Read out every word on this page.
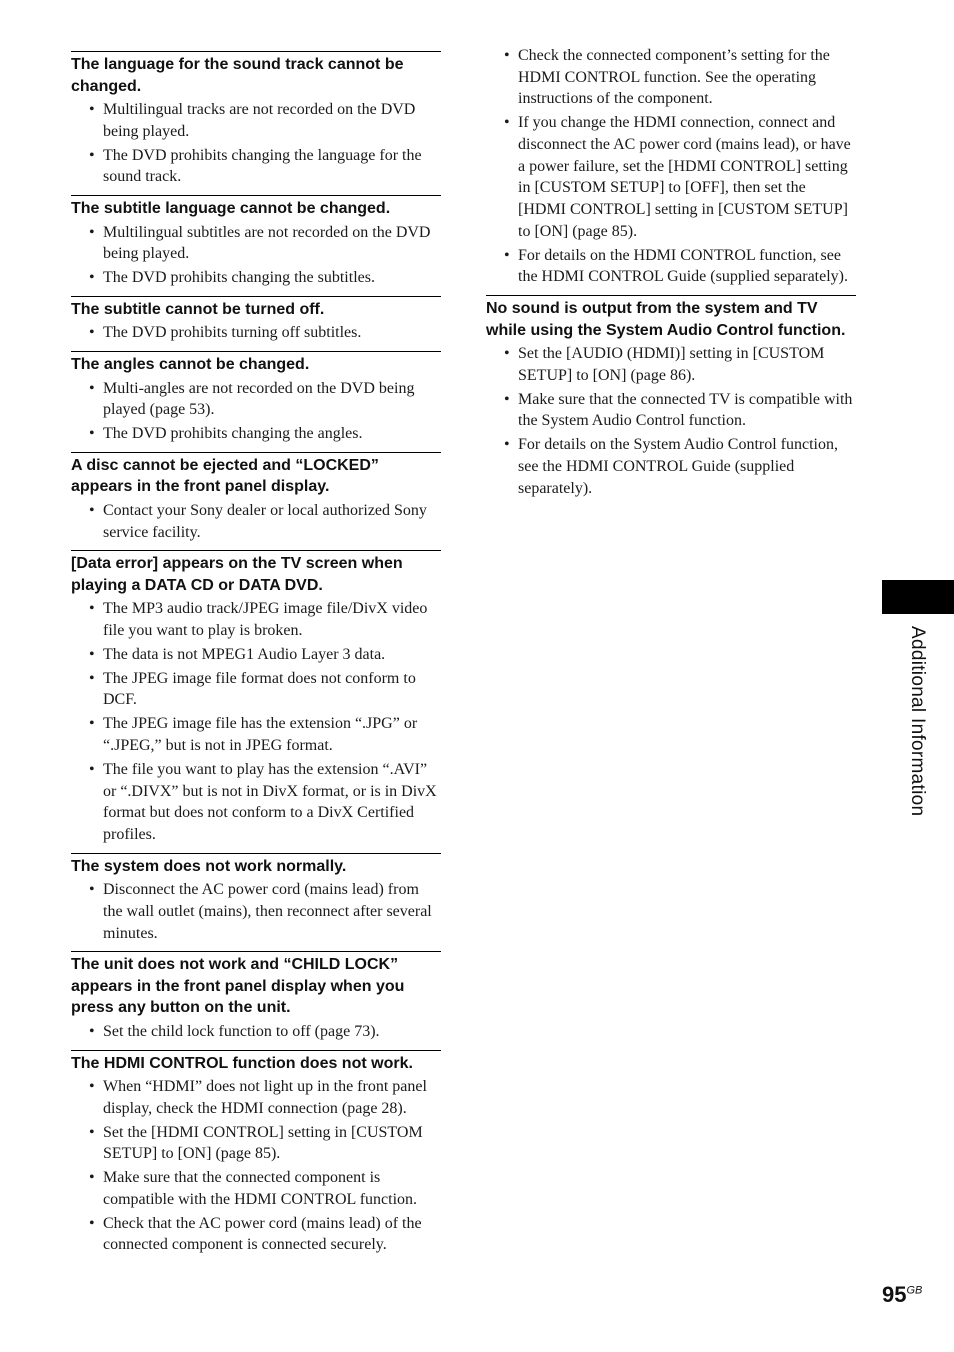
The language for the sound track cannot be changed.
• Multilingual tracks are not recorded on the DVD being played.
• The DVD prohibits changing the language for the sound track.
The subtitle language cannot be changed.
• Multilingual subtitles are not recorded on the DVD being played.
• The DVD prohibits changing the subtitles.
The subtitle cannot be turned off.
• The DVD prohibits turning off subtitles.
The angles cannot be changed.
• Multi-angles are not recorded on the DVD being played (page 53).
• The DVD prohibits changing the angles.
A disc cannot be ejected and “LOCKED” appears in the front panel display.
• Contact your Sony dealer or local authorized Sony service facility.
[Data error] appears on the TV screen when playing a DATA CD or DATA DVD.
• The MP3 audio track/JPEG image file/DivX video file you want to play is broken.
• The data is not MPEG1 Audio Layer 3 data.
• The JPEG image file format does not conform to DCF.
• The JPEG image file has the extension “.JPG” or “.JPEG,” but is not in JPEG format.
• The file you want to play has the extension “.AVI” or “.DIVX” but is not in DivX format, or is in DivX format but does not conform to a DivX Certified profiles.
The system does not work normally.
• Disconnect the AC power cord (mains lead) from the wall outlet (mains), then reconnect after several minutes.
The unit does not work and “CHILD LOCK” appears in the front panel display when you press any button on the unit.
• Set the child lock function to off (page 73).
The HDMI CONTROL function does not work.
• When “HDMI” does not light up in the front panel display, check the HDMI connection (page 28).
• Set the [HDMI CONTROL] setting in [CUSTOM SETUP] to [ON] (page 85).
• Make sure that the connected component is compatible with the HDMI CONTROL function.
• Check that the AC power cord (mains lead) of the connected component is connected securely.
• Check the connected component’s setting for the HDMI CONTROL function. See the operating instructions of the component.
• If you change the HDMI connection, connect and disconnect the AC power cord (mains lead), or have a power failure, set the [HDMI CONTROL] setting in [CUSTOM SETUP] to [OFF], then set the [HDMI CONTROL] setting in [CUSTOM SETUP] to [ON] (page 85).
• For details on the HDMI CONTROL function, see the HDMI CONTROL Guide (supplied separately).
No sound is output from the system and TV while using the System Audio Control function.
• Set the [AUDIO (HDMI)] setting in [CUSTOM SETUP] to [ON] (page 86).
• Make sure that the connected TV is compatible with the System Audio Control function.
• For details on the System Audio Control function, see the HDMI CONTROL Guide (supplied separately).
Additional Information
$95^{GB}$
